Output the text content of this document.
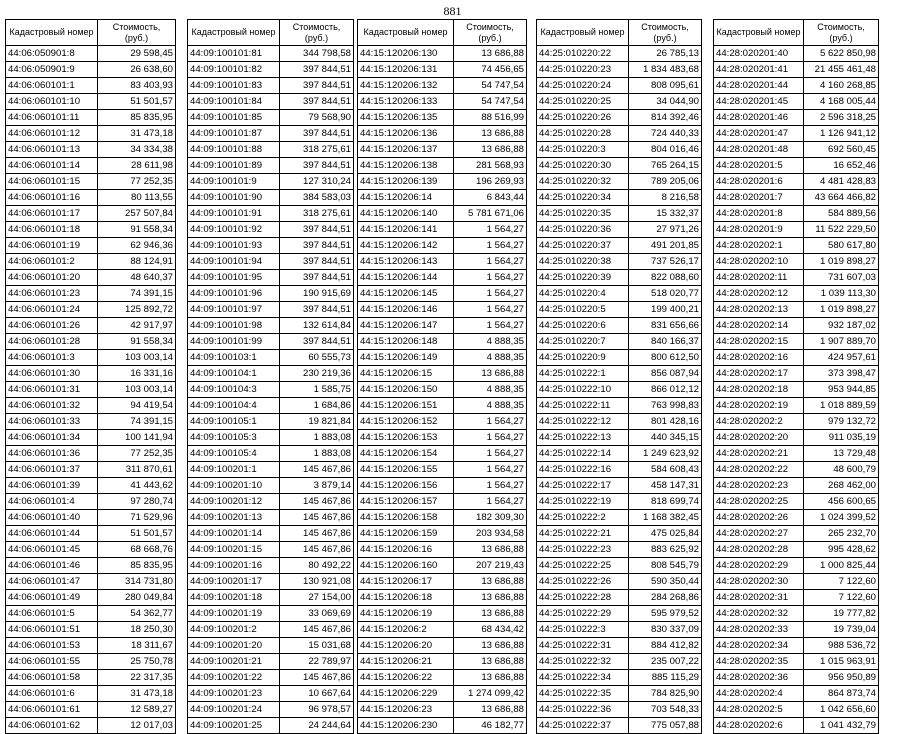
881
Кадастровый номер	Стоимость, (руб.)
44:06:050901:8	29 598,45
44:06:050901:9	26 638,60
44:06:060101:1	83 403,93
44:06:060101:10	51 501,57
44:06:060101:11	85 835,95
44:06:060101:12	31 473,18
44:06:060101:13	34 334,38
44:06:060101:14	28 611,98
44:06:060101:15	77 252,35
44:06:060101:16	80 113,55
44:06:060101:17	257 507,84
44:06:060101:18	91 558,34
44:06:060101:19	62 946,36
44:06:060101:2	88 124,91
44:06:060101:20	48 640,37
44:06:060101:23	74 391,15
44:06:060101:24	125 892,72
44:06:060101:26	42 917,97
44:06:060101:28	91 558,34
44:06:060101:3	103 003,14
44:06:060101:30	16 331,16
44:06:060101:31	103 003,14
44:06:060101:32	94 419,54
44:06:060101:33	74 391,15
44:06:060101:34	100 141,94
44:06:060101:36	77 252,35
44:06:060101:37	311 870,61
44:06:060101:39	41 443,62
44:06:060101:4	97 280,74
44:06:060101:40	71 529,96
44:06:060101:44	51 501,57
44:06:060101:45	68 668,76
44:06:060101:46	85 835,95
44:06:060101:47	314 731,80
44:06:060101:49	280 049,84
44:06:060101:5	54 362,77
44:06:060101:51	18 250,30
44:06:060101:53	18 311,67
44:06:060101:55	25 750,78
44:06:060101:58	22 317,35
44:06:060101:6	31 473,18
44:06:060101:61	12 589,27
44:06:060101:62	12 017,03
Кадастровый номер	Стоимость, (руб.)
44:09:100101:81	344 798,58
44:09:100101:82	397 844,51
44:09:100101:83	397 844,51
44:09:100101:84	397 844,51
44:09:100101:85	79 568,90
44:09:100101:87	397 844,51
44:09:100101:88	318 275,61
44:09:100101:89	397 844,51
44:09:100101:9	127 310,24
44:09:100101:90	384 583,03
44:09:100101:91	318 275,61
44:09:100101:92	397 844,51
44:09:100101:93	397 844,51
44:09:100101:94	397 844,51
44:09:100101:95	397 844,51
44:09:100101:96	190 915,69
44:09:100101:97	397 844,51
44:09:100101:98	132 614,84
44:09:100101:99	397 844,51
44:09:100103:1	60 555,73
44:09:100104:1	230 219,36
44:09:100104:3	1 585,75
44:09:100104:4	1 684,86
44:09:100105:1	19 821,84
44:09:100105:3	1 883,08
44:09:100105:4	1 883,08
44:09:100201:1	145 467,86
44:09:100201:10	3 879,14
44:09:100201:12	145 467,86
44:09:100201:13	145 467,86
44:09:100201:14	145 467,86
44:09:100201:15	145 467,86
44:09:100201:16	80 492,22
44:09:100201:17	130 921,08
44:09:100201:18	27 154,00
44:09:100201:19	33 069,69
44:09:100201:2	145 467,86
44:09:100201:20	15 031,68
44:09:100201:21	22 789,97
44:09:100201:22	145 467,86
44:09:100201:23	10 667,64
44:09:100201:24	96 978,57
44:09:100201:25	24 244,64
Кадастровый номер	Стоимость, (руб.)
44:15:120206:130	13 686,88
44:15:120206:131	74 456,65
44:15:120206:132	54 747,54
44:15:120206:133	54 747,54
44:15:120206:135	88 516,99
44:15:120206:136	13 686,88
44:15:120206:137	13 686,88
44:15:120206:138	281 568,93
44:15:120206:139	196 269,93
44:15:120206:14	6 843,44
44:15:120206:140	5 781 671,06
44:15:120206:141	1 564,27
44:15:120206:142	1 564,27
44:15:120206:143	1 564,27
44:15:120206:144	1 564,27
44:15:120206:145	1 564,27
44:15:120206:146	1 564,27
44:15:120206:147	1 564,27
44:15:120206:148	4 888,35
44:15:120206:149	4 888,35
44:15:120206:15	13 686,88
44:15:120206:150	4 888,35
44:15:120206:151	4 888,35
44:15:120206:152	1 564,27
44:15:120206:153	1 564,27
44:15:120206:154	1 564,27
44:15:120206:155	1 564,27
44:15:120206:156	1 564,27
44:15:120206:157	1 564,27
44:15:120206:158	182 309,30
44:15:120206:159	203 934,58
44:15:120206:16	13 686,88
44:15:120206:160	207 219,43
44:15:120206:17	13 686,88
44:15:120206:18	13 686,88
44:15:120206:19	13 686,88
44:15:120206:2	68 434,42
44:15:120206:20	13 686,88
44:15:120206:21	13 686,88
44:15:120206:22	13 686,88
44:15:120206:229	1 274 099,42
44:15:120206:23	13 686,88
44:15:120206:230	46 182,77
Кадастровый номер	Стоимость, (руб.)
44:25:010220:22	26 785,13
44:25:010220:23	1 834 483,68
44:25:010220:24	808 095,61
44:25:010220:25	34 044,90
44:25:010220:26	814 392,46
44:25:010220:28	724 440,33
44:25:010220:3	804 016,46
44:25:010220:30	765 264,15
44:25:010220:32	789 205,06
44:25:010220:34	8 216,58
44:25:010220:35	15 332,37
44:25:010220:36	27 971,26
44:25:010220:37	491 201,85
44:25:010220:38	737 526,17
44:25:010220:39	822 088,60
44:25:010220:4	518 020,77
44:25:010220:5	199 400,21
44:25:010220:6	831 656,66
44:25:010220:7	840 166,37
44:25:010220:9	800 612,50
44:25:010222:1	856 087,94
44:25:010222:10	866 012,12
44:25:010222:11	763 998,83
44:25:010222:12	801 428,16
44:25:010222:13	440 345,15
44:25:010222:14	1 249 623,92
44:25:010222:16	584 608,43
44:25:010222:17	458 147,31
44:25:010222:19	818 699,74
44:25:010222:2	1 168 382,45
44:25:010222:21	475 025,84
44:25:010222:23	883 625,92
44:25:010222:25	808 545,79
44:25:010222:26	590 350,44
44:25:010222:28	284 268,86
44:25:010222:29	595 979,52
44:25:010222:3	830 337,09
44:25:010222:31	884 412,82
44:25:010222:32	235 007,22
44:25:010222:34	885 115,29
44:25:010222:35	784 825,90
44:25:010222:36	703 548,33
44:25:010222:37	775 057,88
Кадастровый номер	Стоимость, (руб.)
44:28:020201:40	5 622 850,98
44:28:020201:41	21 455 461,48
44:28:020201:44	4 160 268,85
44:28:020201:45	4 168 005,44
44:28:020201:46	2 596 318,25
44:28:020201:47	1 126 941,12
44:28:020201:48	692 560,45
44:28:020201:5	16 652,46
44:28:020201:6	4 481 428,83
44:28:020201:7	43 664 466,82
44:28:020201:8	584 889,56
44:28:020201:9	11 522 229,50
44:28:020202:1	580 617,80
44:28:020202:10	1 019 898,27
44:28:020202:11	731 607,03
44:28:020202:12	1 039 113,30
44:28:020202:13	1 019 898,27
44:28:020202:14	932 187,02
44:28:020202:15	1 907 889,70
44:28:020202:16	424 957,61
44:28:020202:17	373 398,47
44:28:020202:18	953 944,85
44:28:020202:19	1 018 889,59
44:28:020202:2	979 132,72
44:28:020202:20	911 035,19
44:28:020202:21	13 729,48
44:28:020202:22	48 600,79
44:28:020202:23	268 462,00
44:28:020202:25	456 600,65
44:28:020202:26	1 024 399,52
44:28:020202:27	265 232,70
44:28:020202:28	995 428,62
44:28:020202:29	1 000 825,44
44:28:020202:30	7 122,60
44:28:020202:31	7 122,60
44:28:020202:32	19 777,82
44:28:020202:33	19 739,04
44:28:020202:34	988 536,72
44:28:020202:35	1 015 963,91
44:28:020202:36	956 950,89
44:28:020202:4	864 873,74
44:28:020202:5	1 042 656,60
44:28:020202:6	1 041 432,79
